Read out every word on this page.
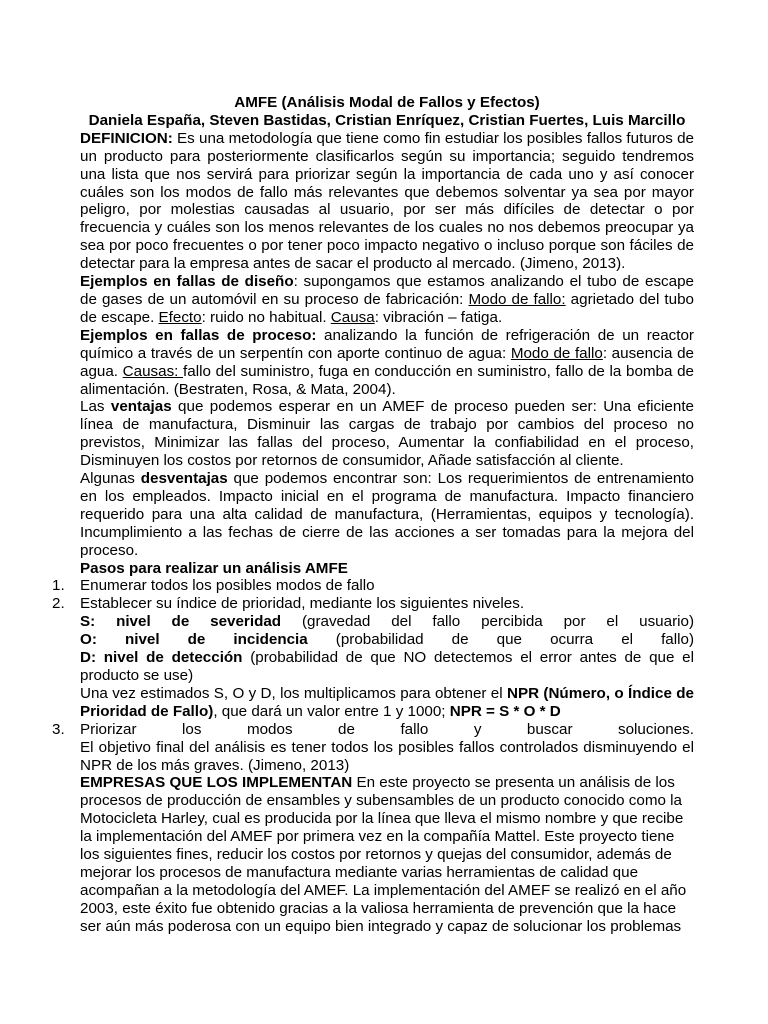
AMFE (Análisis Modal de Fallos y Efectos)

Daniela España, Steven Bastidas, Cristian Enríquez, Cristian Fuertes, Luis Marcillo

DEFINICION: Es una metodología que tiene como fin estudiar los posibles fallos futuros de un producto para posteriormente clasificarlos según su importancia; seguido tendremos una lista que nos servirá para priorizar según la importancia de cada uno y así conocer cuáles son los modos de fallo más relevantes que debemos solventar ya sea por mayor peligro, por molestias causadas al usuario, por ser más difíciles de detectar o por frecuencia y cuáles son los menos relevantes de los cuales no nos debemos preocupar ya sea por poco frecuentes o por tener poco impacto negativo o incluso porque son fáciles de detectar para la empresa antes de sacar el producto al mercado. (Jimeno, 2013).

Ejemplos en fallas de diseño: supongamos que estamos analizando el tubo de escape de gases de un automóvil en su proceso de fabricación: Modo de fallo: agrietado del tubo de escape. Efecto: ruido no habitual. Causa: vibración – fatiga.

Ejemplos en fallas de proceso: analizando la función de refrigeración de un reactor químico a través de un serpentín con aporte continuo de agua: Modo de fallo: ausencia de agua. Causas: fallo del suministro, fuga en conducción en suministro, fallo de la bomba de alimentación. (Bestraten, Rosa, & Mata, 2004).

Las ventajas que podemos esperar en un AMEF de proceso pueden ser: Una eficiente línea de manufactura, Disminuir las cargas de trabajo por cambios del proceso no previstos, Minimizar las fallas del proceso, Aumentar la confiabilidad en el proceso, Disminuyen los costos por retornos de consumidor, Añade satisfacción al cliente.

Algunas desventajas que podemos encontrar son: Los requerimientos de entrenamiento en los empleados. Impacto inicial en el programa de manufactura. Impacto financiero requerido para una alta calidad de manufactura, (Herramientas, equipos y tecnología). Incumplimiento a las fechas de cierre de las acciones a ser tomadas para la mejora del proceso.

Pasos para realizar un análisis AMFE

1. Enumerar todos los posibles modos de fallo

2. Establecer su índice de prioridad, mediante los siguientes niveles.

S: nivel de severidad (gravedad del fallo percibida por el usuario)

O: nivel de incidencia (probabilidad de que ocurra el fallo)

D: nivel de detección (probabilidad de que NO detectemos el error antes de que el producto se use)

Una vez estimados S, O y D, los multiplicamos para obtener el NPR (Número, o Índice de Prioridad de Fallo), que dará un valor entre 1 y 1000; NPR = S * O * D

3. Priorizar los modos de fallo y buscar soluciones.

El objetivo final del análisis es tener todos los posibles fallos controlados disminuyendo el NPR de los más graves. (Jimeno, 2013)

EMPRESAS QUE LOS IMPLEMENTAN En este proyecto se presenta un análisis de los procesos de producción de ensambles y subensambles de un producto conocido como la Motocicleta Harley, cual es producida por la línea que lleva el mismo nombre y que recibe la implementación del AMEF por primera vez en la compañía Mattel. Este proyecto tiene los siguientes fines, reducir los costos por retornos y quejas del consumidor, además de mejorar los procesos de manufactura mediante varias herramientas de calidad que acompañan a la metodología del AMEF. La implementación del AMEF se realizó en el año 2003, este éxito fue obtenido gracias a la valiosa herramienta de prevención que la hace ser aún más poderosa con un equipo bien integrado y capaz de solucionar los problemas
